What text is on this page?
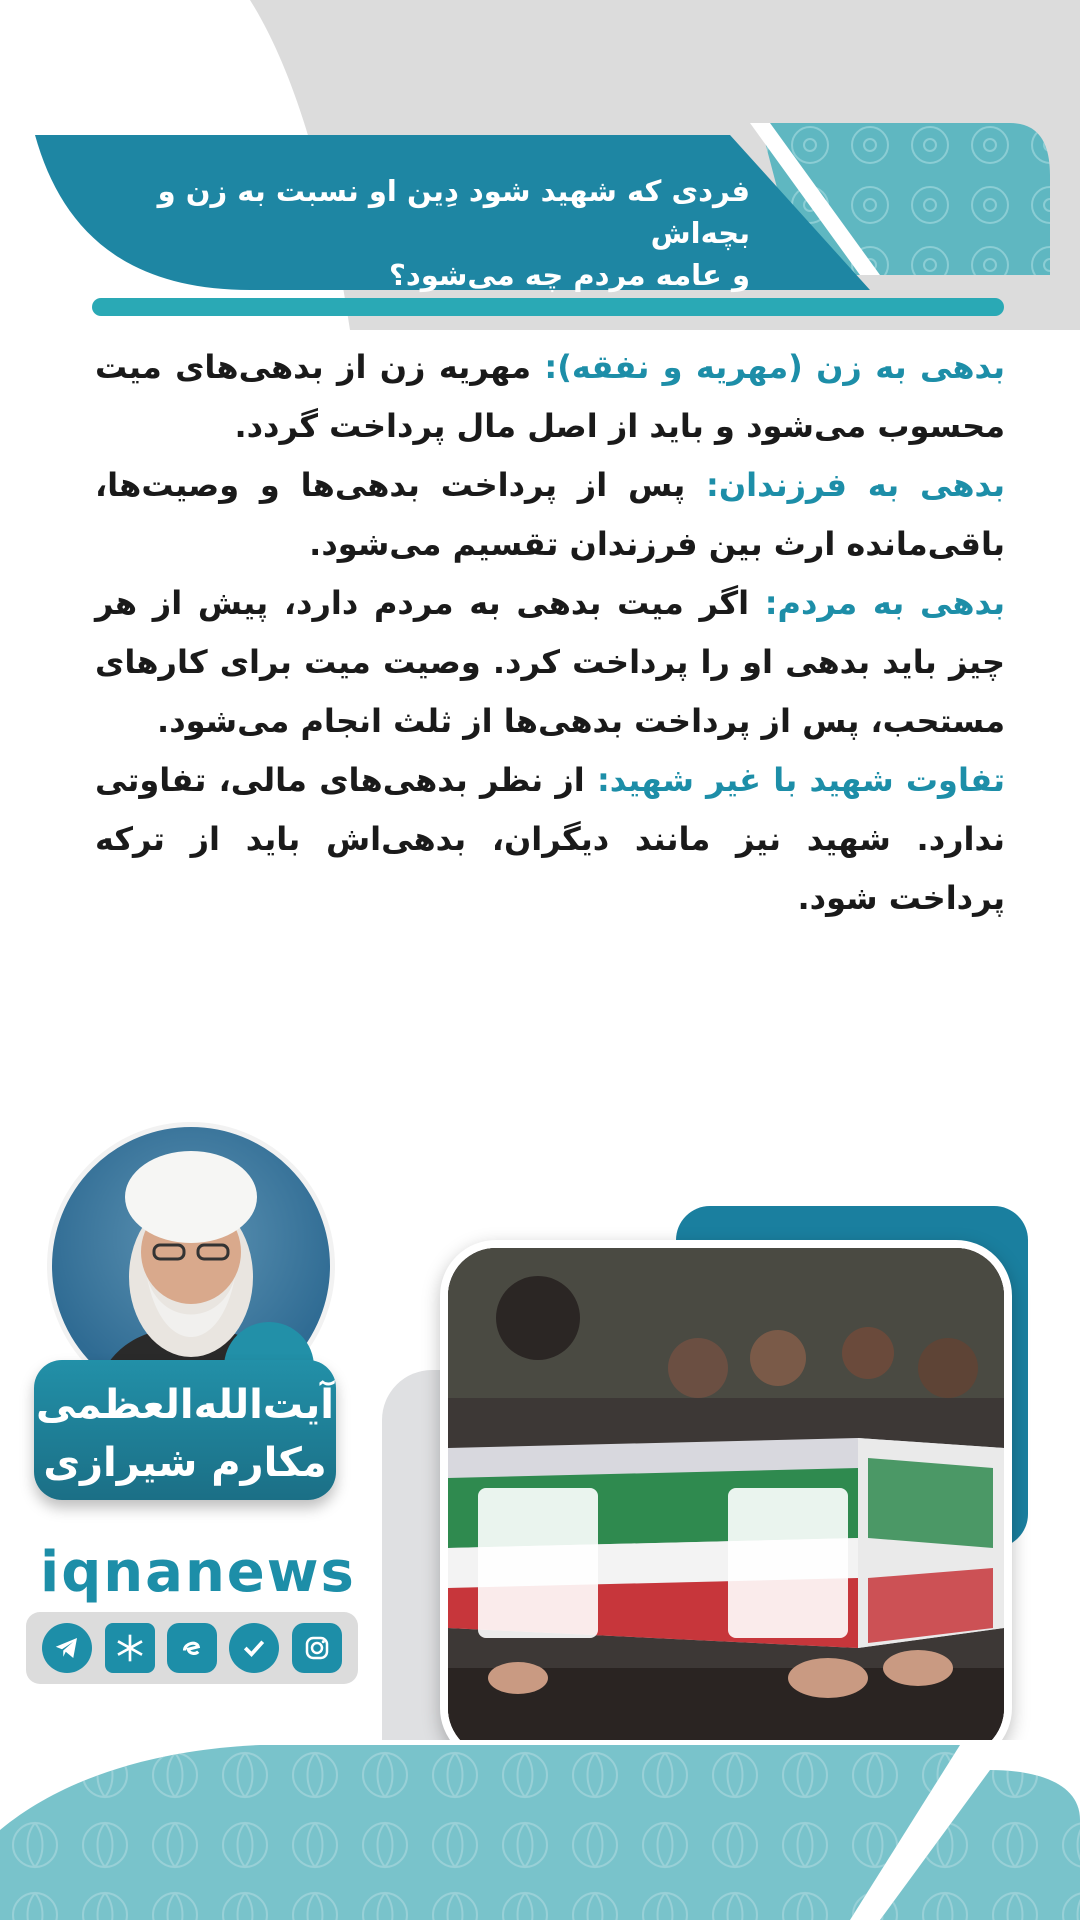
فردی که شهید شود دِین او نسبت به زن و بچه‌اش
و عامه مردم چه می‌شود؟

بدهی به زن (مهریه و نفقه): مهریه زن از بدهی‌های میت محسوب می‌شود و باید از اصل مال پرداخت گردد.

بدهی به فرزندان: پس از پرداخت بدهی‌ها و وصیت‌ها، باقی‌مانده ارث بین فرزندان تقسیم می‌شود.

بدهی به مردم: اگر میت بدهی به مردم دارد، پیش از هر چیز باید بدهی او را پرداخت کرد. وصیت میت برای کارهای مستحب، پس از پرداخت بدهی‌ها از ثلث انجام می‌شود.

تفاوت شهید با غیر شهید: از نظر بدهی‌های مالی، تفاوتی ندارد. شهید نیز مانند دیگران، بدهی‌اش باید از ترکه پرداخت شود.

آیت‌الله‌العظمی
مکارم شیرازی
iqnanews
